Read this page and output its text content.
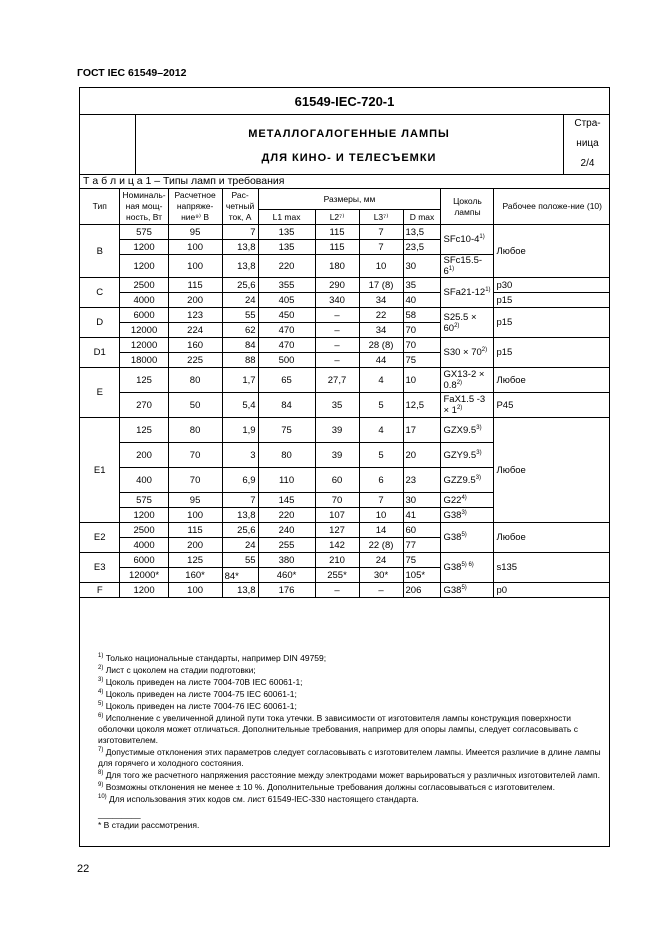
ГОСТ IEC 61549–2012
61549-IEC-720-1
МЕТАЛЛОГАЛОГЕННЫЕ ЛАМПЫ
ДЛЯ КИНО- И ТЕЛЕСЪЕМКИ
Стра-
ница
2/4
Т а б л и ц а 1 – Типы ламп и требования
Тип	Номиналь-ная мощ-ность, Вт	Расчетное напряже-ние⁹⁾ В	Рас-четный ток, А	Размеры, мм				Цоколь лампы	Рабочее положе-ние (10)
				L1 max	L2⁷⁾	L3⁷⁾	D max		
B	575	95	7	135	115	7	13,5	SFc10-4$^{1)}$	Любое
	1200	100	13,8	135	115	7	23,5		
	1200	100	13,8	220	180	10	30	SFc15.5-6$^{1)}$
C	2500	115	25,6	355	290	17 (8)	35	SFa21-12$^{1)}$	p30
	4000	200	24	405	340	34	40		p15
D	6000	123	55	450	–	22	58	$S25.5 \times 60^{2)}$	p15
	12000	224	62	470	–	34	70		
D1	12000	160	84	470	–	28 (8)	70	$S30 \times 70^{2)}$	p15
	18000	225	88	500	–	44	75		
E	125	80	1,7	65	27,7	4	10	$GX13-2 \times 0.8^{2)}$	Любое
	270	50	5,4	84	35	5	12,5	FaX1.5 $-3 \times 1^{2)}$	P45
E1	125	80	1,9	75	39	4	17	GZX9.5$^{3)}$	Любое
	200	70	3	80	39	5	20	GZY9.5$^{3)}$
	400	70	6,9	110	60	6	23	GZZ9.5$^{3)}$
	575	95	7	145	70	7	30	G22$^{4)}$
	1200	100	13,8	220	107	10	41	G38$^{3)}$
E2	2500	115	25,6	240	127	14	60	G38$^{5)}$	Любое
	4000	200	24	255	142	22 (8)	77		
E3	6000	125	55	380	210	24	75	$G38^{5) 6)}$	s135
	12000*	160*	84*	460*	255*	30*	105*		
F	1200	100	13,8	176	–	–	206	G38$^{5)}$	p0
$^{1)}$ Только национальные стандарты, например DIN 49759;
$^{2)}$ Лист с цоколем на стадии подготовки;
$^{3)}$ Цоколь приведен на листе 7004-70В IEC 60061-1;
$^{4)}$ Цоколь приведен на листе 7004-75 IEC 60061-1;
$^{5)}$ Цоколь приведен на листе 7004-76 IEC 60061-1;
$^{6)}$ Исполнение с увеличенной длиной пути тока утечки. В зависимости от изготовителя лампы конструкция поверхности оболочки цоколя может отличаться. Дополнительные требования, например для опоры лампы, следует согласовывать с изготовителем.
$^{7)}$ Допустимые отклонения этих параметров следует согласовывать с изготовителем лампы. Имеется различие в длине лампы для горячего и холодного состояния.
$^{8)}$ Для того же расчетного напряжения расстояние между электродами может варьироваться у различных изготовителей ламп.
$^{9)}$ Возможны отклонения не менее ± 10 %. Дополнительные требования должны согласовываться с изготовителем.
$^{10)}$ Для использования этих кодов см. лист 61549-IEC-330 настоящего стандарта.
_________
* В стадии рассмотрения.
22
